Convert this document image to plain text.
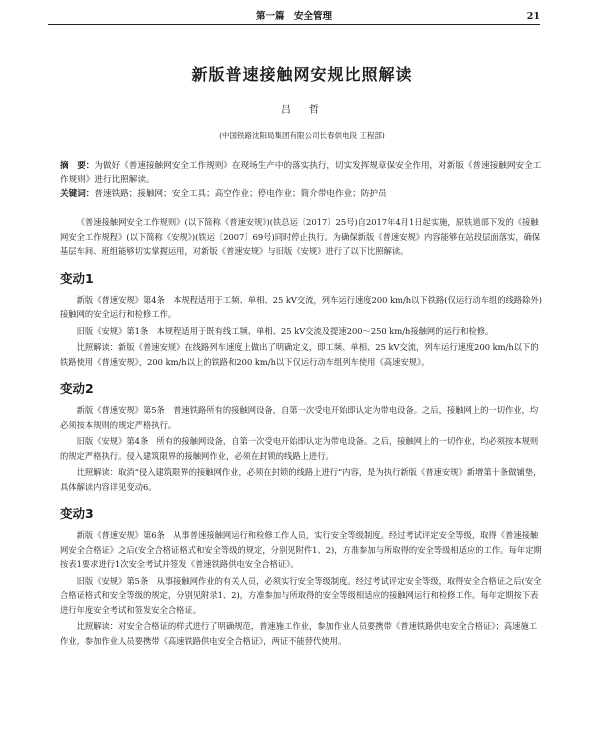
第一篇　安全管理	21
新版普速接触网安规比照解读
吕　哲
(中国铁路沈阳局集团有限公司长春供电段 工程部)

摘　要：为做好《普速接触网安全工作规则》在现场生产中的落实执行，切实发挥规章保安全作用，对新版《普速接触网安全工作规则》进行比照解读。

关键词：普速铁路；接触网；安全工具；高空作业；停电作业；简介带电作业；防护员

《普速接触网安全工作规则》(以下简称《普速安规》)(铁总运〔2017〕25号)自2017年4月1日起实施，原铁道部下发的《接触网安全工作规程》(以下简称《安规》)(铁运〔2007〕69号)同时停止执行。为确保新版《普速安规》内容能够在站段层面落实，确保基层车间、班组能够切实掌握运用，对新版《普速安规》与旧版《安规》进行了以下比照解读。

变动1

新版《普速安规》第4条　本规程适用于工频、单相、25 kV交流，列车运行速度200 km/h以下铁路(仅运行动车组的线路除外)接触网的安全运行和检修工作。

旧版《安规》第1条　本规程适用于既有线工频、单相、25 kV交流及提速200～250 km/h接触网的运行和检修。

比照解读：新版《普速安规》在线路列车速度上做出了明确定义，即工频、单相、25 kV交流，列车运行速度200 km/h以下的铁路使用《普速安规》，200 km/h以上的铁路和200 km/h以下仅运行动车组列车使用《高速安规》。

变动2

新版《普速安规》第5条　普速铁路所有的接触网设备，自第一次受电开始即认定为带电设备。之后，接触网上的一切作业，均必须按本规则的规定严格执行。

旧版《安规》第4条　所有的接触网设备，自第一次受电开始即认定为带电设备。之后，接触网上的一切作业，均必须按本规则的规定严格执行。侵入建筑限界的接触网作业，必须在封锁的线路上进行。

比照解读：取消“侵入建筑限界的接触网作业，必须在封锁的线路上进行”内容，是为执行新版《普速安规》新增第十条做铺垫，具体解读内容详见变动6。

变动3

新版《普速安规》第6条　从事普速接触网运行和检修工作人员，实行安全等级制度。经过考试评定安全等级，取得《普速接触网安全合格证》之后(安全合格证格式和安全等级的规定，分别见附件1、2)，方准参加与所取得的安全等级相适应的工作。每年定期按表1要求进行1次安全考试并签发《普速铁路供电安全合格证》。

旧版《安规》第5条　从事接触网作业的有关人员，必须实行安全等级制度。经过考试评定安全等级，取得安全合格证之后(安全合格证格式和安全等级的规定，分别见附录1、2)，方准参加与所取得的安全等级相适应的接触网运行和检修工作。每年定期按下表进行年度安全考试和签发安全合格证。

比照解读：对安全合格证的样式进行了明确规范，普速施工作业，参加作业人员要携带《普速铁路供电安全合格证》；高速施工作业，参加作业人员要携带《高速铁路供电安全合格证》，两证不能替代使用。
